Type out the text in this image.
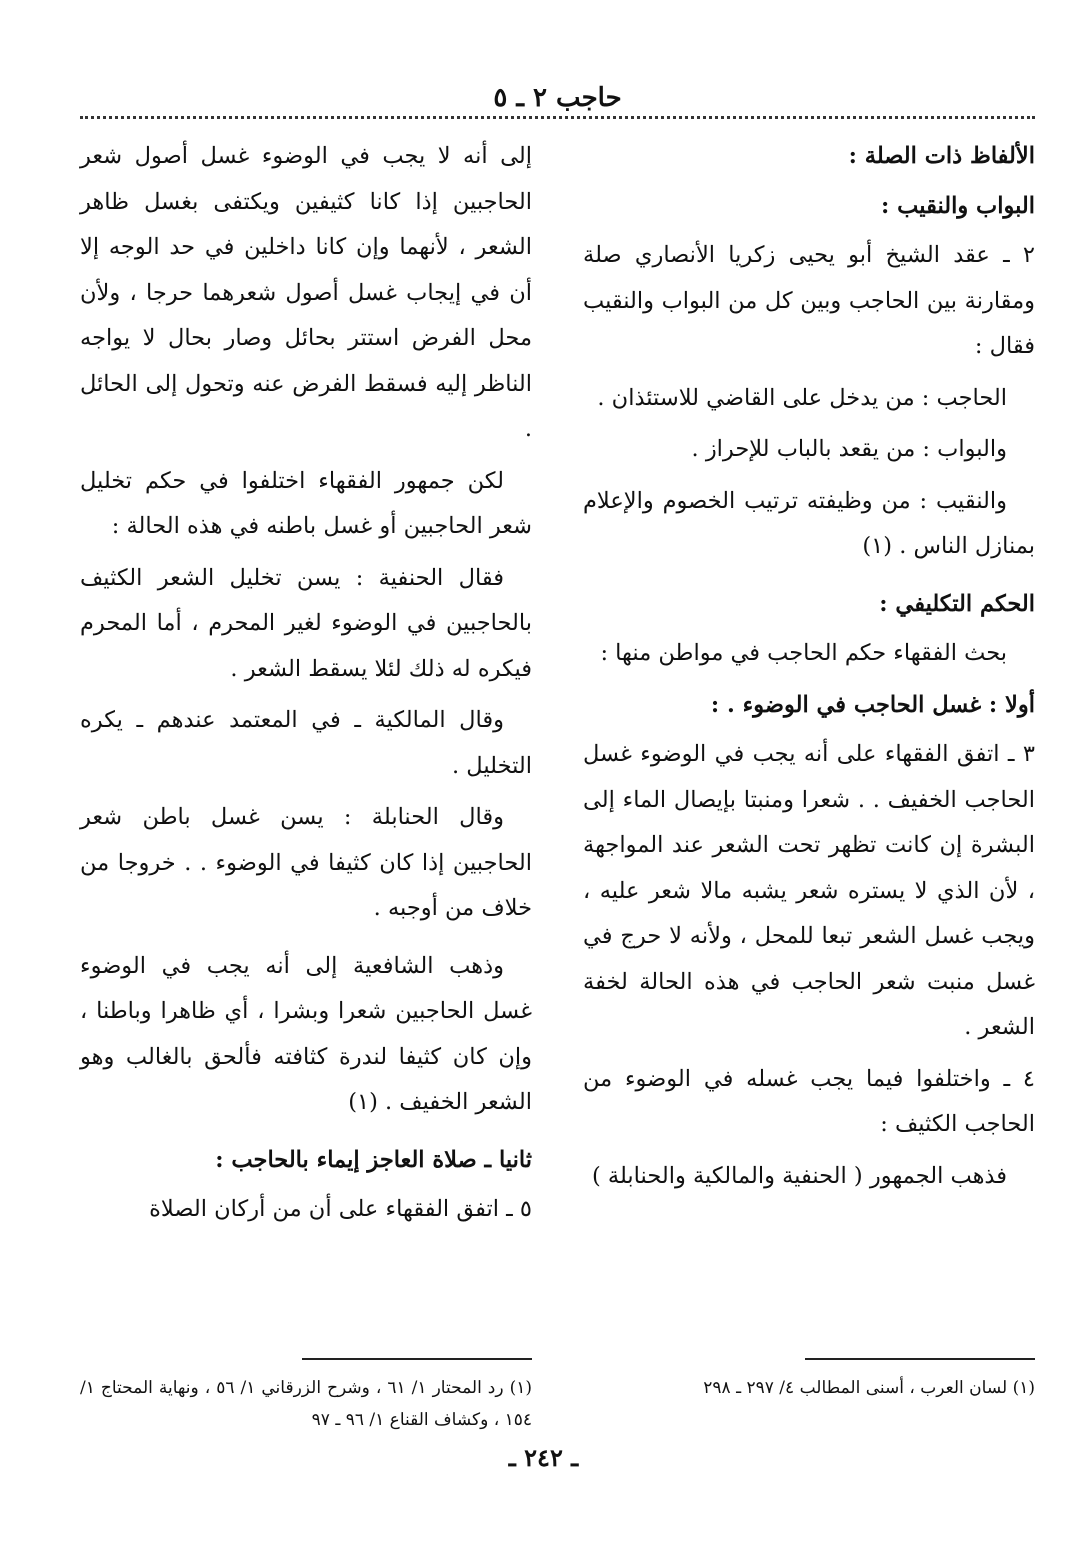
حاجب ٢ ـ ٥

الألفاظ ذات الصلة :

البواب والنقيب :

٢ ـ عقد الشيخ أبو يحيى زكريا الأنصاري صلة ومقارنة بين الحاجب وبين كل من البواب والنقيب فقال :

الحاجب : من يدخل على القاضي للاستئذان .

والبواب : من يقعد بالباب للإحراز .

والنقيب : من وظيفته ترتيب الخصوم والإعلام بمنازل الناس . (١)

الحكم التكليفي :

بحث الفقهاء حكم الحاجب في مواطن منها :

أولا : غسل الحاجب في الوضوء . :

٣ ـ اتفق الفقهاء على أنه يجب في الوضوء غسل الحاجب الخفيف . . شعرا ومنبتا بإيصال الماء إلى البشرة إن كانت تظهر تحت الشعر عند المواجهة ، لأن الذي لا يستره شعر يشبه مالا شعر عليه ، ويجب غسل الشعر تبعا للمحل ، ولأنه لا حرج في غسل منبت شعر الحاجب في هذه الحالة لخفة الشعر .

٤ ـ واختلفوا فيما يجب غسله في الوضوء من الحاجب الكثيف :

فذهب الجمهور ( الحنفية والمالكية والحنابلة )

إلى أنه لا يجب في الوضوء غسل أصول شعر الحاجبين إذا كانا كثيفين ويكتفى بغسل ظاهر الشعر ، لأنهما وإن كانا داخلين في حد الوجه إلا أن في إيجاب غسل أصول شعرهما حرجا ، ولأن محل الفرض استتر بحائل وصار بحال لا يواجه الناظر إليه فسقط الفرض عنه وتحول إلى الحائل .

لكن جمهور الفقهاء اختلفوا في حكم تخليل شعر الحاجبين أو غسل باطنه في هذه الحالة :

فقال الحنفية : يسن تخليل الشعر الكثيف بالحاجبين في الوضوء لغير المحرم ، أما المحرم فيكره له ذلك لئلا يسقط الشعر .

وقال المالكية ـ في المعتمد عندهم ـ يكره التخليل .

وقال الحنابلة : يسن غسل باطن شعر الحاجبين إذا كان كثيفا في الوضوء . . خروجا من خلاف من أوجبه .

وذهب الشافعية إلى أنه يجب في الوضوء غسل الحاجبين شعرا وبشرا ، أي ظاهرا وباطنا ، وإن كان كثيفا لندرة كثافته فألحق بالغالب وهو الشعر الخفيف . (١)

ثانيا ـ صلاة العاجز إيماء بالحاجب :

٥ ـ اتفق الفقهاء على أن من أركان الصلاة

(١) لسان العرب ، أسنى المطالب ٤/ ٢٩٧ ـ ٢٩٨
(١) رد المحتار ١/ ٦١ ، وشرح الزرقاني ١/ ٥٦ ، ونهاية المحتاج ١/ ١٥٤ ، وكشاف القناع ١/ ٩٦ ـ ٩٧
ـ ٢٤٢ ـ
